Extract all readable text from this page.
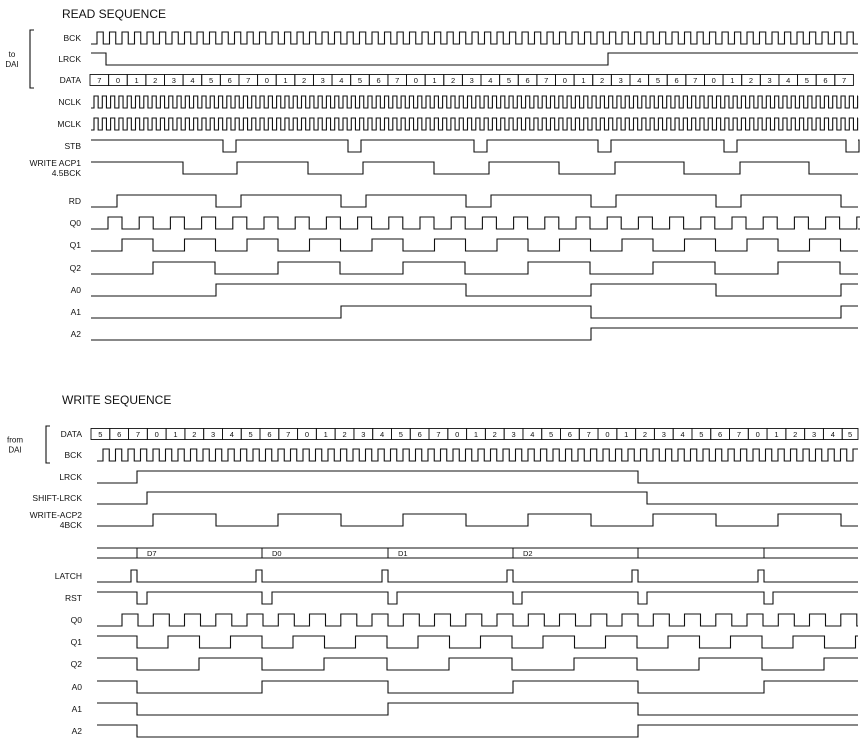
READ SEQUENCE
WRITE SEQUENCE
BCK
LRCK
DATA
NCLK
MCLK
STB
WRITE ACP1
4.5BCK
RD
Q0
Q1
Q2
A0
A1
A2
to
DAI
7 0 1 2 3 4 5 6 7 0 1 2 3 4 5 6 7 0 1 2 3 4 5 6 7 0 1 2 3 4 5 6 7 0 1 2 3 4 5 6 7
DATA
BCK
LRCK
SHIFT-LRCK
WRITE-ACP2
4BCK
LATCH
RST
Q0
Q1
Q2
A0
A1
A2
from
DAI
5 6 7 0 1 2 3 4 5 6 7 0 1 2 3 4 5 6 7 0 1 2 3 4 5 6 7 0 1 2 3 4 5 6 7 0 1 2 3 4 5
D7	D0	D1	D2
